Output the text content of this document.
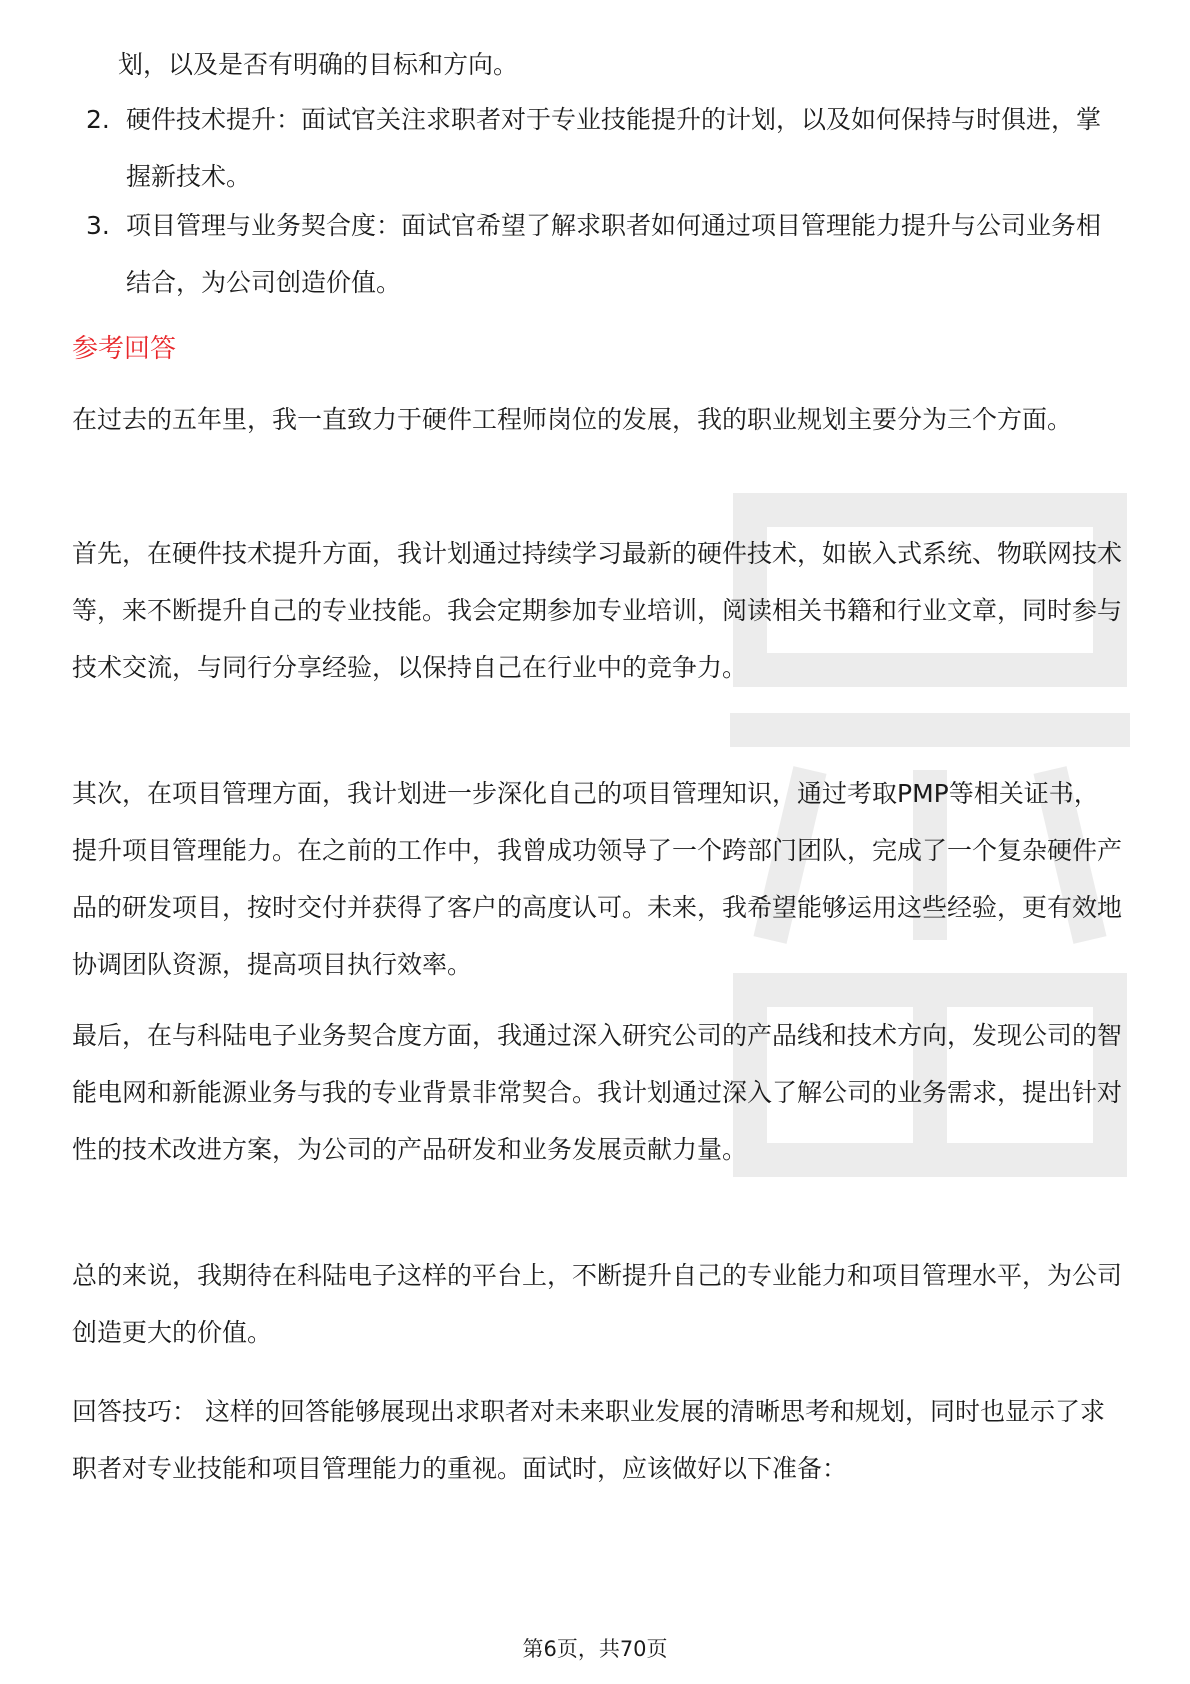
划，以及是否有明确的目标和方向。

2. 硬件技术提升：面试官关注求职者对于专业技能提升的计划，以及如何保持与时俱进，掌握新技术。

3. 项目管理与业务契合度：面试官希望了解求职者如何通过项目管理能力提升与公司业务相结合，为公司创造价值。

参考回答

在过去的五年里，我一直致力于硬件工程师岗位的发展，我的职业规划主要分为三个方面。

首先，在硬件技术提升方面，我计划通过持续学习最新的硬件技术，如嵌入式系统、物联网技术等，来不断提升自己的专业技能。我会定期参加专业培训，阅读相关书籍和行业文章，同时参与技术交流，与同行分享经验，以保持自己在行业中的竞争力。

其次，在项目管理方面，我计划进一步深化自己的项目管理知识，通过考取PMP等相关证书，提升项目管理能力。在之前的工作中，我曾成功领导了一个跨部门团队，完成了一个复杂硬件产品的研发项目，按时交付并获得了客户的高度认可。未来，我希望能够运用这些经验，更有效地协调团队资源，提高项目执行效率。

最后，在与科陆电子业务契合度方面，我通过深入研究公司的产品线和技术方向，发现公司的智能电网和新能源业务与我的专业背景非常契合。我计划通过深入了解公司的业务需求，提出针对性的技术改进方案，为公司的产品研发和业务发展贡献力量。

总的来说，我期待在科陆电子这样的平台上，不断提升自己的专业能力和项目管理水平，为公司创造更大的价值。

回答技巧： 这样的回答能够展现出求职者对未来职业发展的清晰思考和规划，同时也显示了求职者对专业技能和项目管理能力的重视。面试时，应该做好以下准备：

第6页，共70页
